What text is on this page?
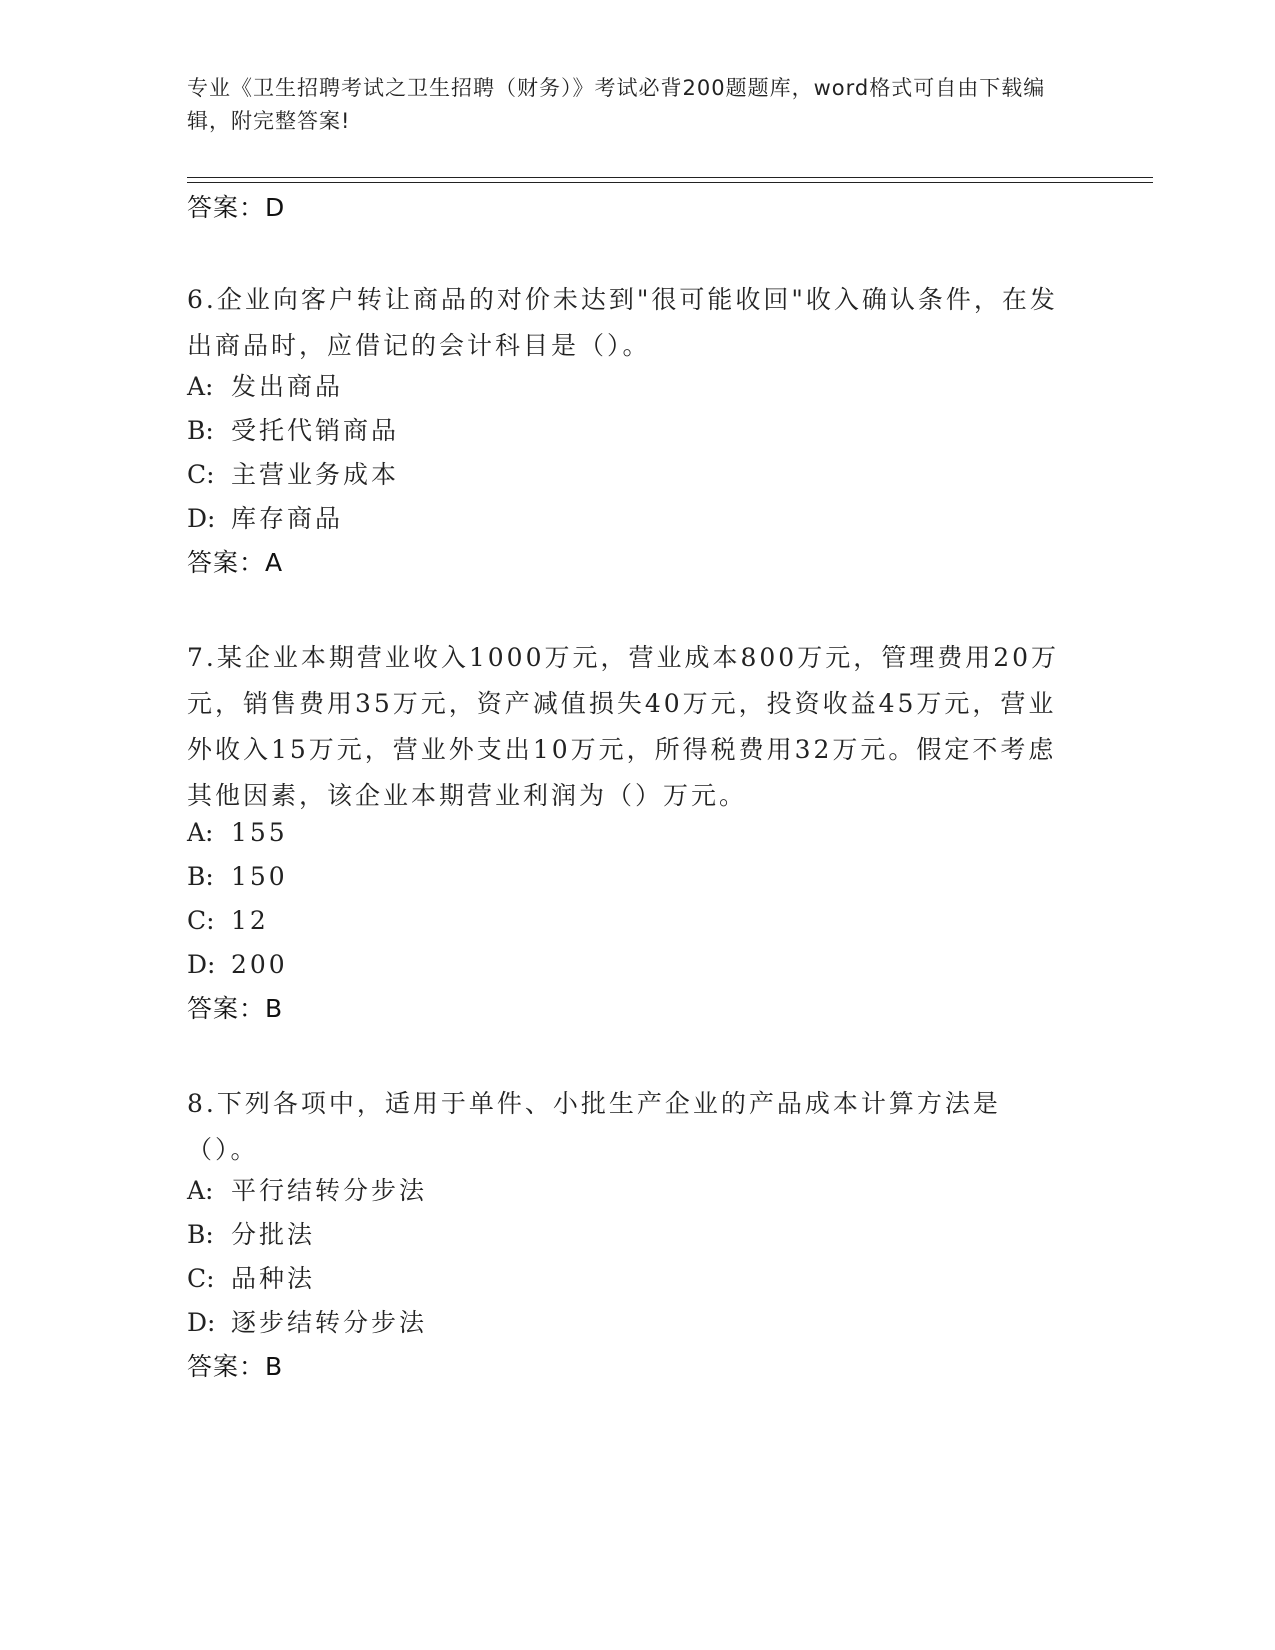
专业《卫生招聘考试之卫生招聘（财务）》考试必背200题题库，word格式可自由下载编辑，附完整答案!
答案：D
6.企业向客户转让商品的对价未达到"很可能收回"收入确认条件，在发出商品时，应借记的会计科目是（）。
A: 发出商品
B: 受托代销商品
C: 主营业务成本
D: 库存商品
答案：A
7.某企业本期营业收入1000万元，营业成本800万元，管理费用20万元，销售费用35万元，资产减值损失40万元，投资收益45万元，营业外收入15万元，营业外支出10万元，所得税费用32万元。假定不考虑其他因素，该企业本期营业利润为（）万元。
A: 155
B: 150
C: 12
D: 200
答案：B
8.下列各项中，适用于单件、小批生产企业的产品成本计算方法是（）。
A: 平行结转分步法
B: 分批法
C: 品种法
D: 逐步结转分步法
答案：B
